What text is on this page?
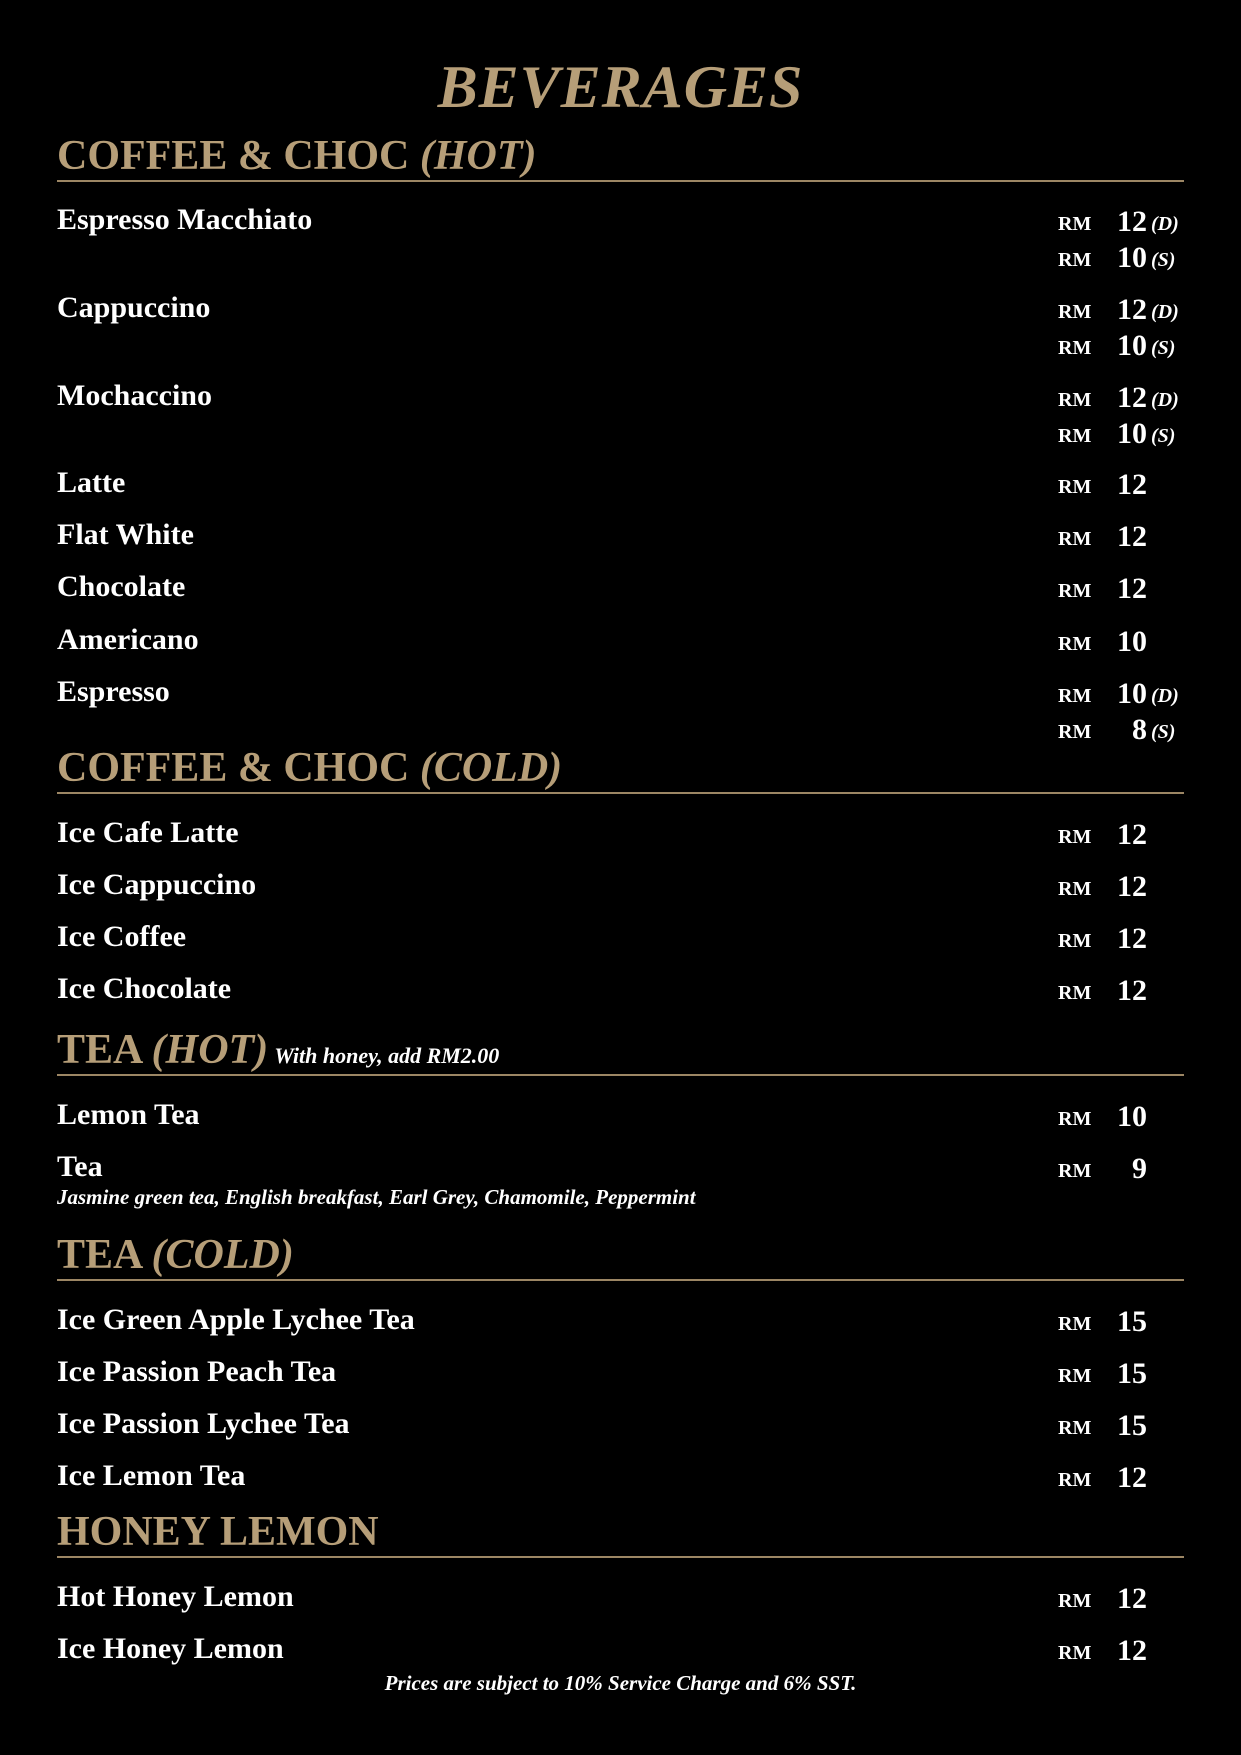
BEVERAGES
COFFEE & CHOC (HOT)
Espresso Macchiato	RM 12 (D)
RM 10 (S)
Cappuccino	RM 12 (D)
RM 10 (S)
Mochaccino	RM 12 (D)
RM 10 (S)
Latte	RM 12
Flat White	RM 12
Chocolate	RM 12
Americano	RM 10
Espresso	RM 10 (D)
RM 8 (S)
COFFEE & CHOC (COLD)
Ice Cafe Latte	RM 12
Ice Cappuccino	RM 12
Ice Coffee	RM 12
Ice Chocolate	RM 12
TEA (HOT) With honey, add RM2.00
Lemon Tea	RM 10
Tea	RM 9
Jasmine green tea, English breakfast, Earl Grey, Chamomile, Peppermint
TEA (COLD)
Ice Green Apple Lychee Tea	RM 15
Ice Passion Peach Tea	RM 15
Ice Passion Lychee Tea	RM 15
Ice Lemon Tea	RM 12
HONEY LEMON
Hot Honey Lemon	RM 12
Ice Honey Lemon	RM 12
Prices are subject to 10% Service Charge and 6% SST.
